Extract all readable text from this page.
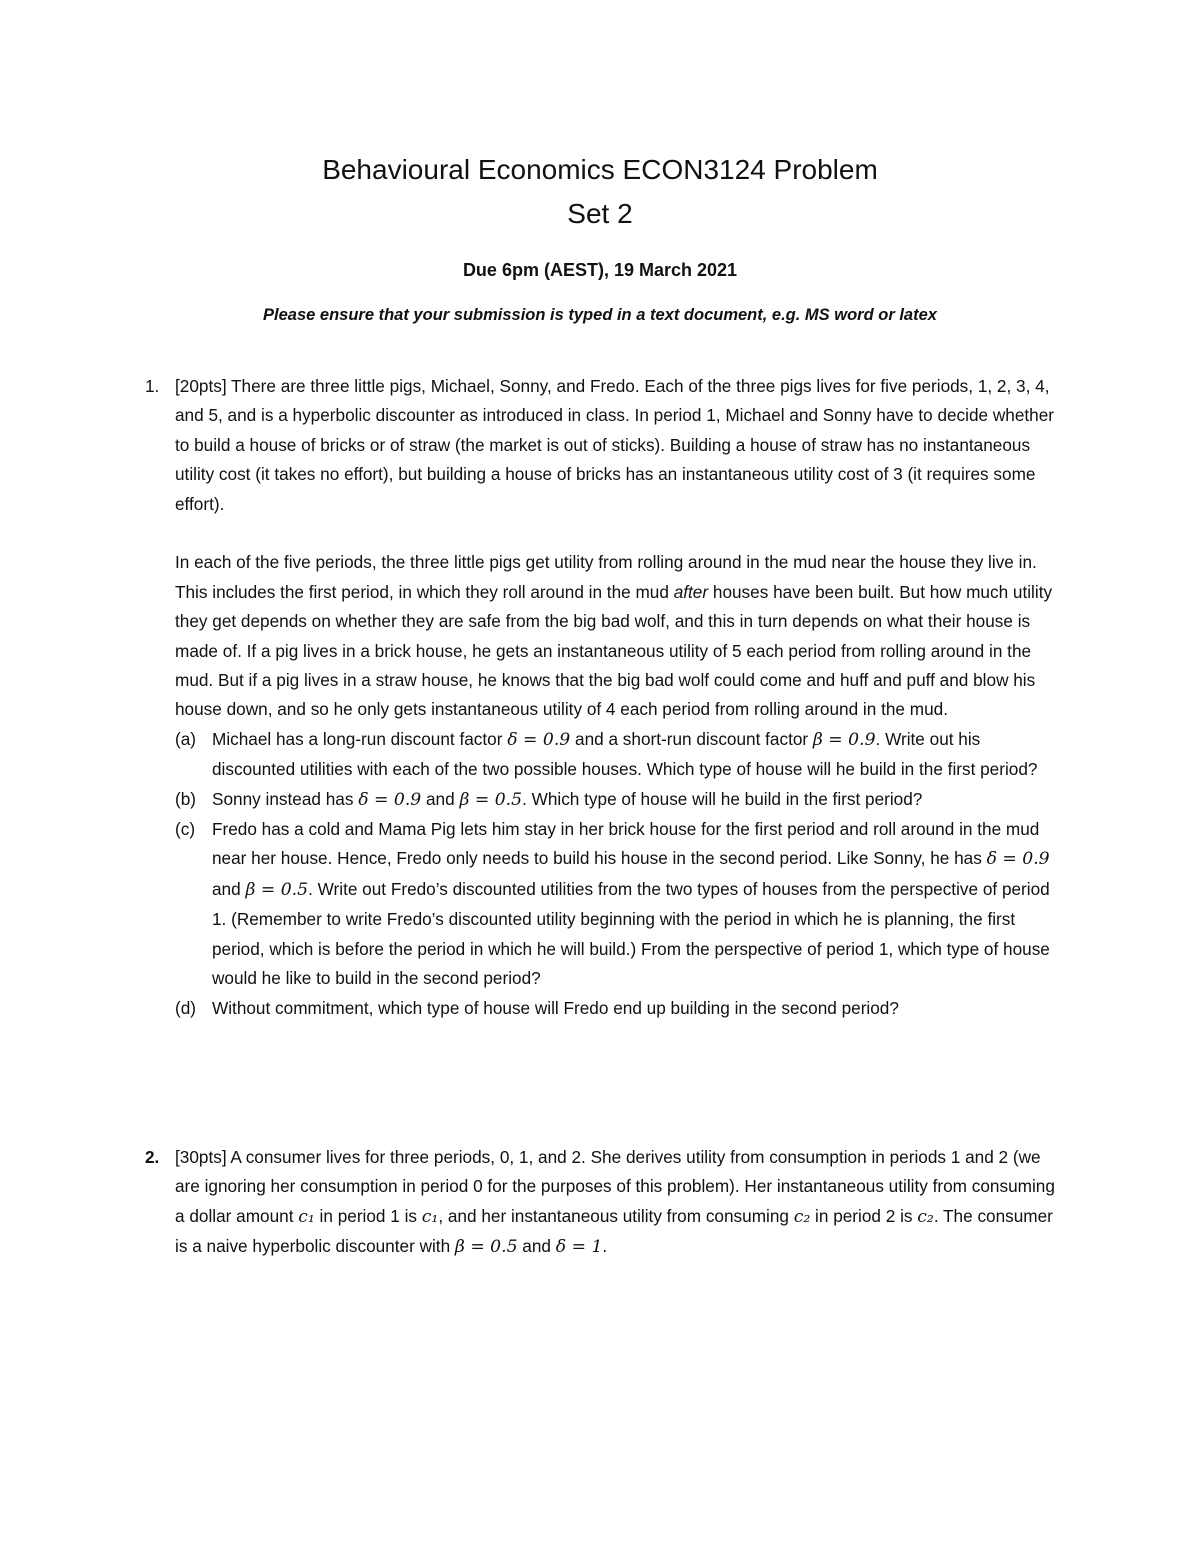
Behavioural Economics ECON3124 Problem
Set 2
Due 6pm (AEST), 19 March 2021
Please ensure that your submission is typed in a text document, e.g. MS word or latex
1. [20pts] There are three little pigs, Michael, Sonny, and Fredo. Each of the three pigs lives for five periods, 1, 2, 3, 4, and 5, and is a hyperbolic discounter as introduced in class. In period 1, Michael and Sonny have to decide whether to build a house of bricks or of straw (the market is out of sticks). Building a house of straw has no instantaneous utility cost (it takes no effort), but building a house of bricks has an instantaneous utility cost of 3 (it requires some effort).
In each of the five periods, the three little pigs get utility from rolling around in the mud near the house they live in. This includes the first period, in which they roll around in the mud after houses have been built. But how much utility they get depends on whether they are safe from the big bad wolf, and this in turn depends on what their house is made of. If a pig lives in a brick house, he gets an instantaneous utility of 5 each period from rolling around in the mud. But if a pig lives in a straw house, he knows that the big bad wolf could come and huff and puff and blow his house down, and so he only gets instantaneous utility of 4 each period from rolling around in the mud.
(a) Michael has a long-run discount factor δ = 0.9 and a short-run discount factor β = 0.9. Write out his discounted utilities with each of the two possible houses. Which type of house will he build in the first period?
(b) Sonny instead has δ = 0.9 and β = 0.5. Which type of house will he build in the first period?
(c) Fredo has a cold and Mama Pig lets him stay in her brick house for the first period and roll around in the mud near her house. Hence, Fredo only needs to build his house in the second period. Like Sonny, he has δ = 0.9 and β = 0.5. Write out Fredo’s discounted utilities from the two types of houses from the perspective of period 1. (Remember to write Fredo’s discounted utility beginning with the period in which he is planning, the first period, which is before the period in which he will build.) From the perspective of period 1, which type of house would he like to build in the second period?
(d) Without commitment, which type of house will Fredo end up building in the second period?
2. [30pts] A consumer lives for three periods, 0, 1, and 2. She derives utility from consumption in periods 1 and 2 (we are ignoring her consumption in period 0 for the purposes of this problem). Her instantaneous utility from consuming a dollar amount c₁ in period 1 is c₁, and her instantaneous utility from consuming c₂ in period 2 is c₂. The consumer is a naive hyperbolic discounter with β = 0.5 and δ = 1.
